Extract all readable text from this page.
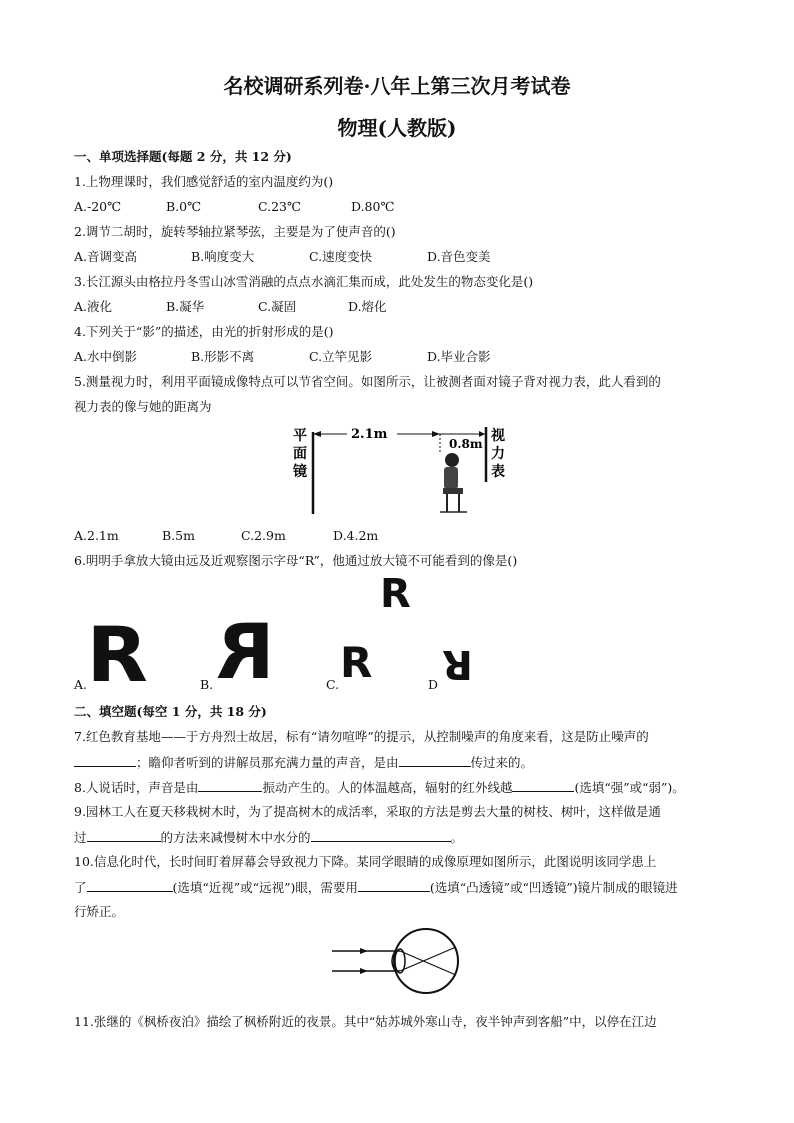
名校调研系列卷·八年上第三次月考试卷
物理(人教版)
一、单项选择题(每题 2 分，共 12 分)
1.上物理课时，我们感觉舒适的室内温度约为()
A.-20℃	B.0℃	C.23℃	D.80℃
2.调节二胡时，旋转琴轴拉紧琴弦，主要是为了使声音的()
A.音调变高	B.响度变大	C.速度变快	D.音色变美
3.长江源头由格拉丹冬雪山冰雪消融的点点水滴汇集而成，此处发生的物态变化是()
A.液化	B.凝华	C.凝固	D.熔化
4.下列关于“影”的描述，由光的折射形成的是()
A.水中倒影	B.形影不离	C.立竿见影	D.毕业合影
5.测量视力时，利用平面镜成像特点可以节省空间。如图所示，让被测者面对镜子背对视力表，此人看到的
视力表的像与她的距离为
平
面
镜
2.1m
0.8m 视
力
表
A.2.1m	B.5m	C.2.9m	D.4.2m
6.明明手拿放大镜由远及近观察图示字母“R”，他通过放大镜不可能看到的像是()
R
A. R	B. R	C. R	D R
二、填空题(每空 1 分，共 18 分)
7.红色教育基地——于方舟烈士故居，标有“请勿喧哗”的提示，从控制噪声的角度来看，这是防止噪声的
；瞻仰者听到的讲解员那充满力量的声音，是由	传过来的。
8.人说话时，声音是由	振动产生的。人的体温越高，辐射的红外线越	(选填“强”或“弱”)。
9.园林工人在夏天移栽树木时，为了提高树木的成活率，采取的方法是剪去大量的树枝、树叶，这样做是通
过	的方法来减慢树木中水分的	。
10.信息化时代，长时间盯着屏幕会导致视力下降。某同学眼睛的成像原理如图所示，此图说明该同学患上
了	(选填“近视”或“远视”)眼，需要用	(选填“凸透镜”或“凹透镜”)镜片制成的眼镜进
行矫正。
11.张继的《枫桥夜泊》描绘了枫桥附近的夜景。其中“姑苏城外寒山寺，夜半钟声到客船”中，以停在江边
